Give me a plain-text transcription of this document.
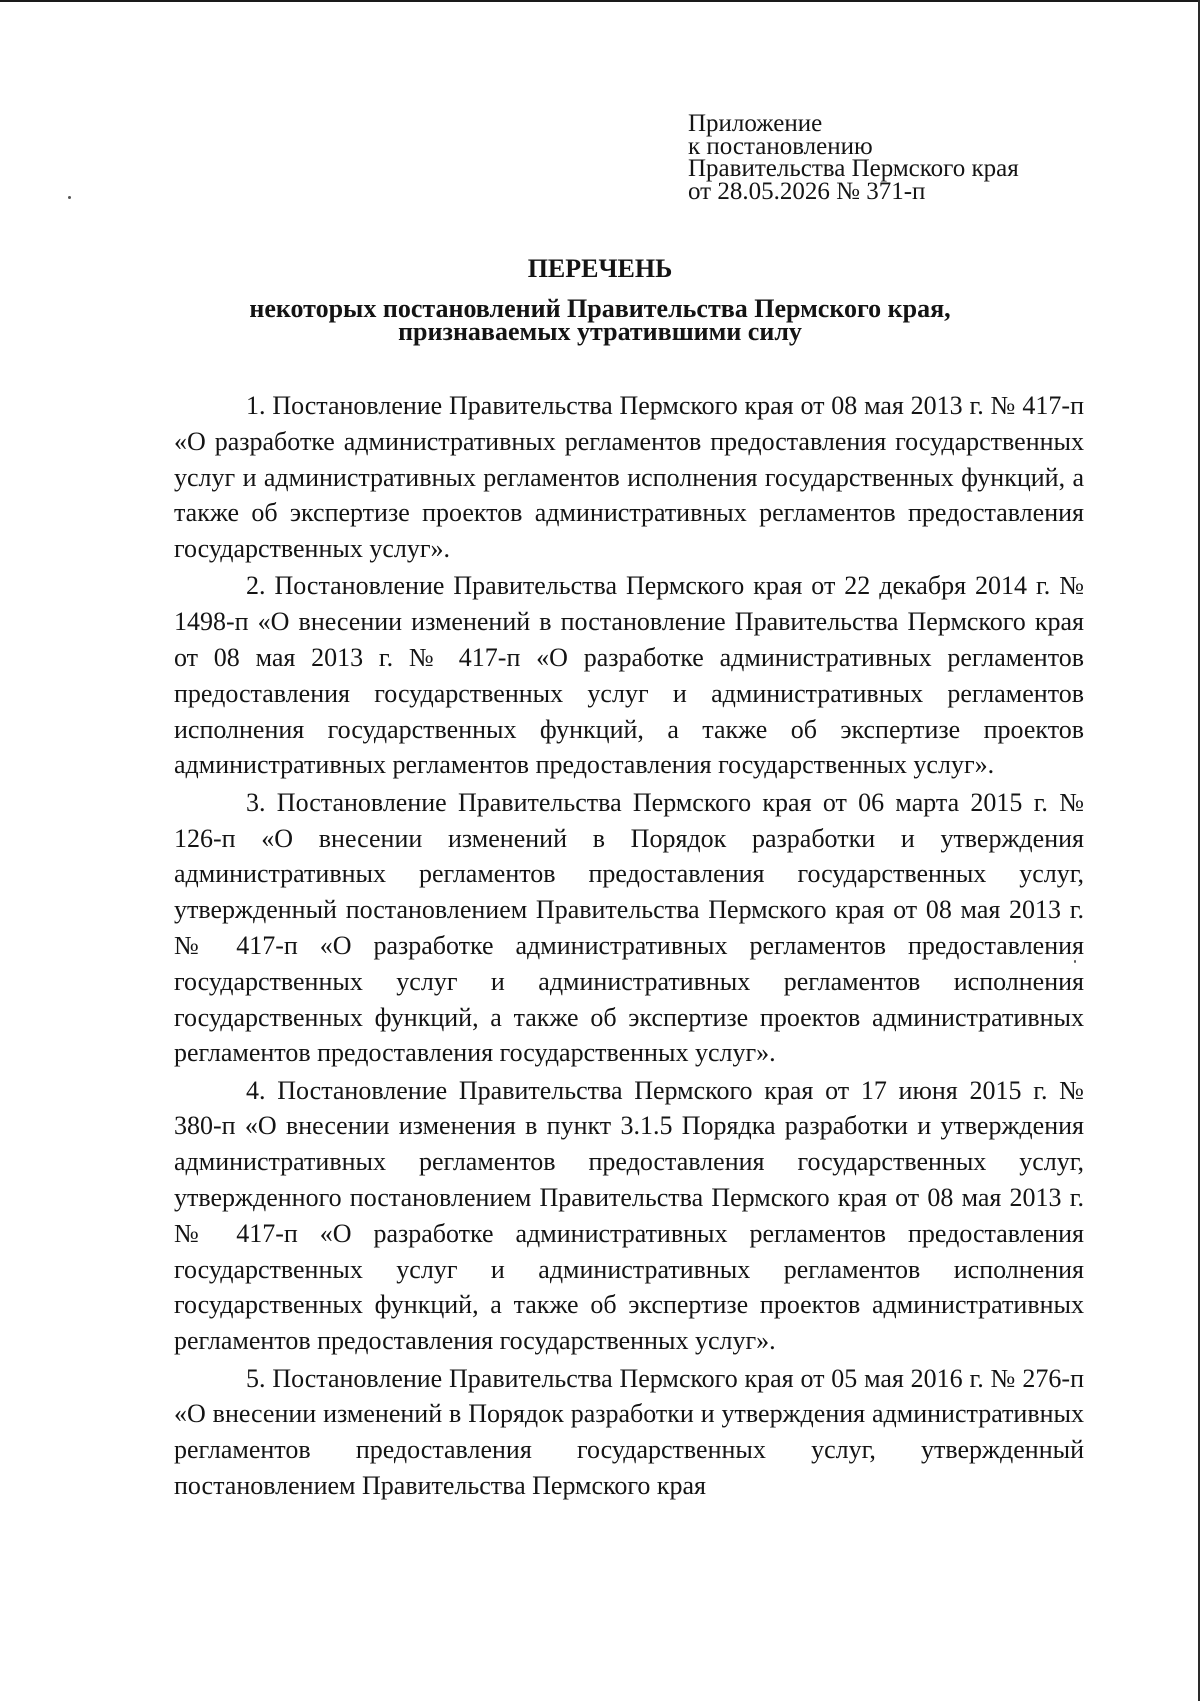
Приложение
к постановлению
Правительства Пермского края
от 28.05.2026 № 371-п
ПЕРЕЧЕНЬ
некоторых постановлений Правительства Пермского края,
признаваемых утратившими силу

1. Постановление Правительства Пермского края от 08 мая 2013 г. № 417-п «О разработке административных регламентов предоставления государственных услуг и административных регламентов исполнения государственных функций, а также об экспертизе проектов административных регламентов предоставления государственных услуг».

2. Постановление Правительства Пермского края от 22 декабря 2014 г. № 1498-п «О внесении изменений в постановление Правительства Пермского края от 08 мая 2013 г. № 417-п «О разработке административных регламентов предоставления государственных услуг и административных регламентов исполнения государственных функций, а также об экспертизе проектов административных регламентов предоставления государственных услуг».

3. Постановление Правительства Пермского края от 06 марта 2015 г. № 126-п «О внесении изменений в Порядок разработки и утверждения административных регламентов предоставления государственных услуг, утвержденный постановлением Правительства Пермского края от 08 мая 2013 г. № 417-п «О разработке административных регламентов предоставления государственных услуг и административных регламентов исполнения государственных функций, а также об экспертизе проектов административных регламентов предоставления государственных услуг».

4. Постановление Правительства Пермского края от 17 июня 2015 г. № 380-п «О внесении изменения в пункт 3.1.5 Порядка разработки и утверждения административных регламентов предоставления государственных услуг, утвержденного постановлением Правительства Пермского края от 08 мая 2013 г. № 417-п «О разработке административных регламентов предоставления государственных услуг и административных регламентов исполнения государственных функций, а также об экспертизе проектов административных регламентов предоставления государственных услуг».

5. Постановление Правительства Пермского края от 05 мая 2016 г. № 276-п «О внесении изменений в Порядок разработки и утверждения административных регламентов предоставления государственных услуг, утвержденный постановлением Правительства Пермского края
